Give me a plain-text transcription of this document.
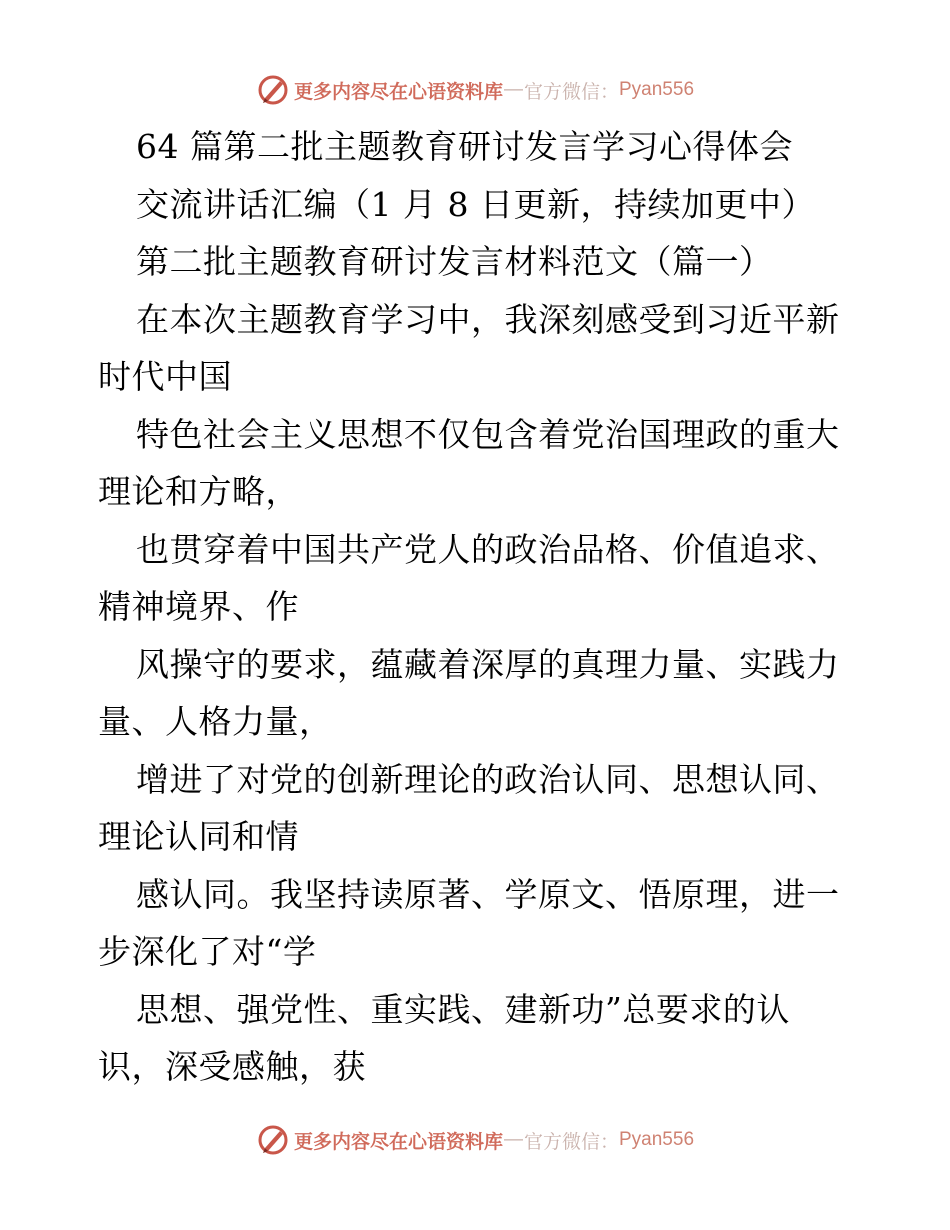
更多内容尽在心语资料库 — 官方微信： Pyan556
64 篇第二批主题教育研讨发言学习心得体会
交流讲话汇编（1 月 8 日更新，持续加更中）
第二批主题教育研讨发言材料范文（篇一）
在本次主题教育学习中，我深刻感受到习近平新
时代中国
特色社会主义思想不仅包含着党治国理政的重大
理论和方略，
也贯穿着中国共产党人的政治品格、价值追求、
精神境界、作
风操守的要求，蕴藏着深厚的真理力量、实践力
量、人格力量，
增进了对党的创新理论的政治认同、思想认同、
理论认同和情
感认同。我坚持读原著、学原文、悟原理，进一
步深化了对“学
思想、强党性、重实践、建新功”总要求的认
识，深受感触，获
更多内容尽在心语资料库 — 官方微信： Pyan556
